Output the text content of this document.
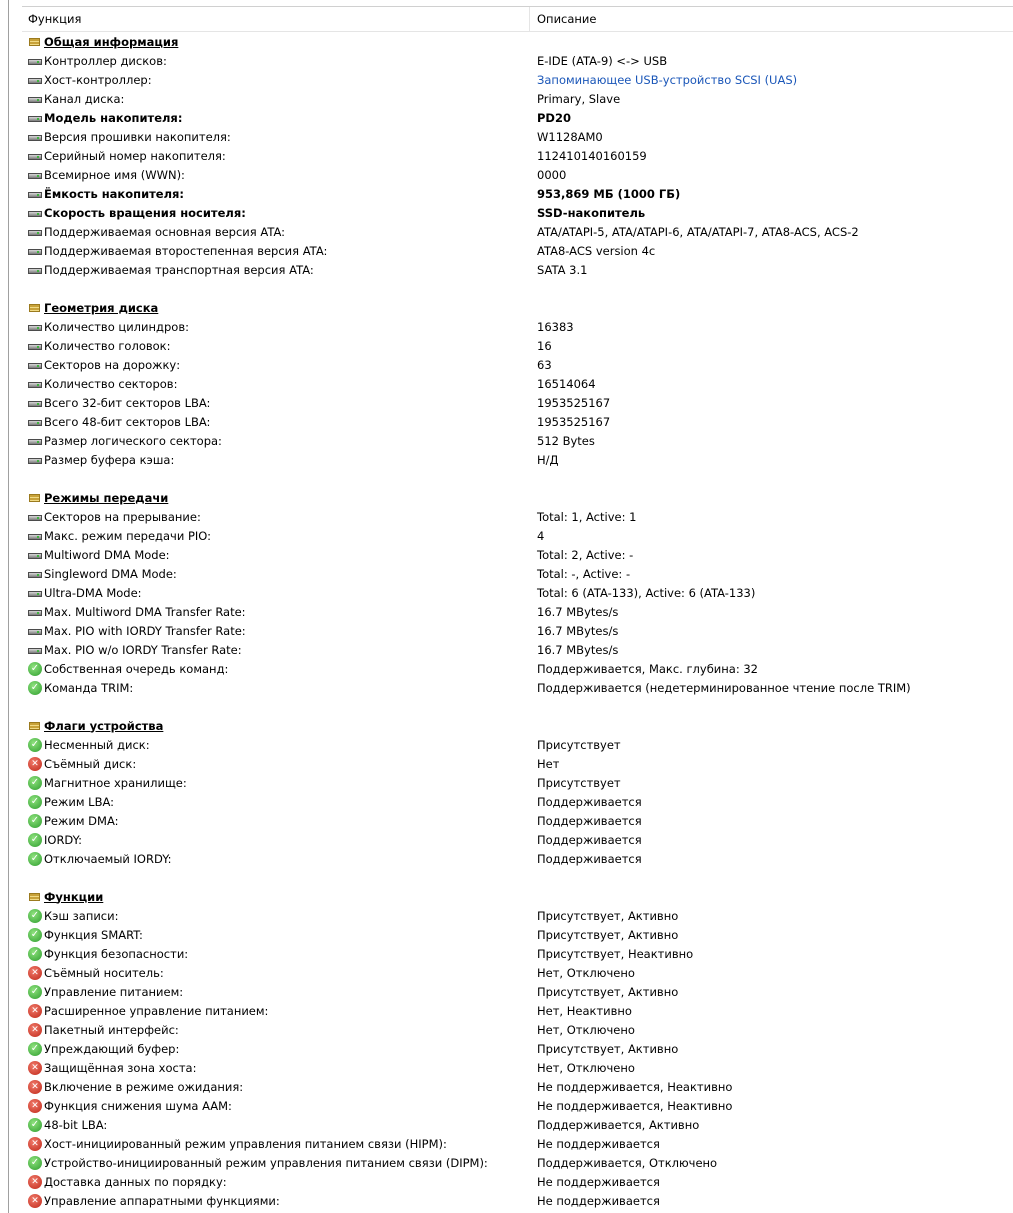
Функция	Описание
Общая информация
Контроллер дисков:	E-IDE (ATA-9) <-> USB
Хост-контроллер:	Запоминающее USB-устройство SCSI (UAS)
Канал диска:	Primary, Slave
Модель накопителя:	PD20
Версия прошивки накопителя:	W1128AM0
Серийный номер накопителя:	112410140160159
Всемирное имя (WWN):	0000
Ёмкость накопителя:	953,869 МБ (1000 ГБ)
Скорость вращения носителя:	SSD-накопитель
Поддерживаемая основная версия ATA:	ATA/ATAPI-5, ATA/ATAPI-6, ATA/ATAPI-7, ATA8-ACS, ACS-2
Поддерживаемая второстепенная версия ATA:	ATA8-ACS version 4c
Поддерживаемая транспортная версия ATA:	SATA 3.1
Геометрия диска
Количество цилиндров:	16383
Количество головок:	16
Секторов на дорожку:	63
Количество секторов:	16514064
Всего 32-бит секторов LBA:	1953525167
Всего 48-бит секторов LBA:	1953525167
Размер логического сектора:	512 Bytes
Размер буфера кэша:	Н/Д
Режимы передачи
Секторов на прерывание:	Total: 1, Active: 1
Макс. режим передачи PIO:	4
Multiword DMA Mode:	Total: 2, Active: -
Singleword DMA Mode:	Total: -, Active: -
Ultra-DMA Mode:	Total: 6 (ATA-133), Active: 6 (ATA-133)
Max. Multiword DMA Transfer Rate:	16.7 MBytes/s
Max. PIO with IORDY Transfer Rate:	16.7 MBytes/s
Max. PIO w/o IORDY Transfer Rate:	16.7 MBytes/s
✓
Собственная очередь команд:	Поддерживается, Макс. глубина: 32
✓
Команда TRIM:	Поддерживается (недетерминированное чтение после TRIM)
Флаги устройства
✓
Несменный диск:	Присутствует
✕
Съёмный диск:	Нет
✓
Магнитное хранилище:	Присутствует
✓
Режим LBA:	Поддерживается
✓
Режим DMA:	Поддерживается
✓
IORDY:	Поддерживается
✓
Отключаемый IORDY:	Поддерживается
Функции
✓
Кэш записи:	Присутствует, Активно
✓
Функция SMART:	Присутствует, Активно
✓
Функция безопасности:	Присутствует, Неактивно
✕
Съёмный носитель:	Нет, Отключено
✓
Управление питанием:	Присутствует, Активно
✕
Расширенное управление питанием:	Нет, Неактивно
✕
Пакетный интерфейс:	Нет, Отключено
✓
Упреждающий буфер:	Присутствует, Активно
✕
Защищённая зона хоста:	Нет, Отключено
✕
Включение в режиме ожидания:	Не поддерживается, Неактивно
✕
Функция снижения шума AAM:	Не поддерживается, Неактивно
✓
48-bit LBA:	Поддерживается, Активно
✕
Хост-инициированный режим управления питанием связи (HIPM):	Не поддерживается
✓
Устройство-инициированный режим управления питанием связи (DIPM):	Поддерживается, Отключено
✕
Доставка данных по порядку:	Не поддерживается
✕
Управление аппаратными функциями:	Не поддерживается
